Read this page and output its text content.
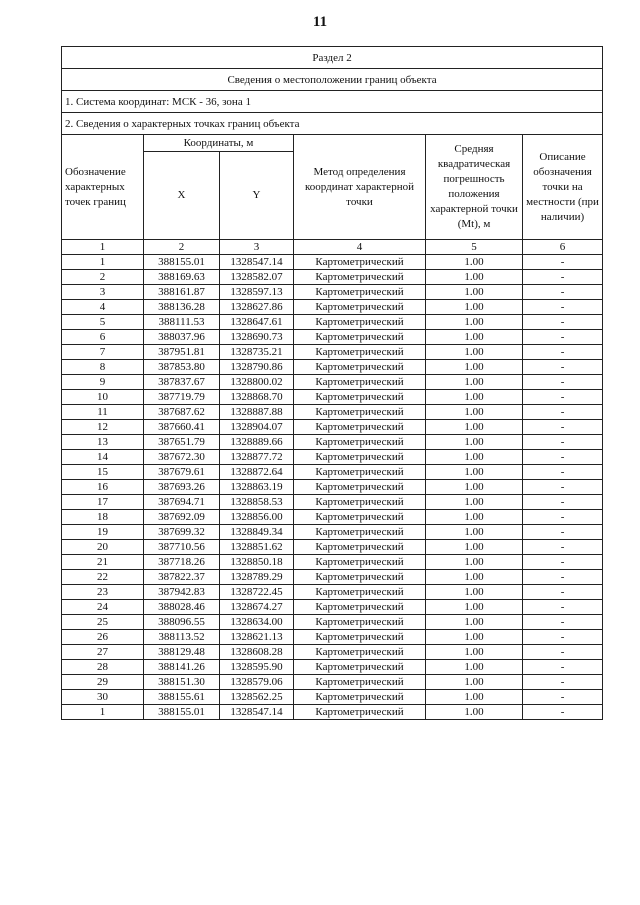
11
Раздел 2					
Сведения о местоположении границ объекта					
1. Система координат: МСК - 36, зона 1					
2. Сведения о характерных точках границ объекта					
Обозначение характерных точек границ	Координаты, м		Метод определения координат характерной точки	Средняя квадратическая погрешность положения характерной точки (Mt), м	Описание обозначения точки на местности (при наличии)
	X	Y			
1	2	3	4	5	6
1	388155.01	1328547.14	Картометрический	1.00	-
2	388169.63	1328582.07	Картометрический	1.00	-
3	388161.87	1328597.13	Картометрический	1.00	-
4	388136.28	1328627.86	Картометрический	1.00	-
5	388111.53	1328647.61	Картометрический	1.00	-
6	388037.96	1328690.73	Картометрический	1.00	-
7	387951.81	1328735.21	Картометрический	1.00	-
8	387853.80	1328790.86	Картометрический	1.00	-
9	387837.67	1328800.02	Картометрический	1.00	-
10	387719.79	1328868.70	Картометрический	1.00	-
11	387687.62	1328887.88	Картометрический	1.00	-
12	387660.41	1328904.07	Картометрический	1.00	-
13	387651.79	1328889.66	Картометрический	1.00	-
14	387672.30	1328877.72	Картометрический	1.00	-
15	387679.61	1328872.64	Картометрический	1.00	-
16	387693.26	1328863.19	Картометрический	1.00	-
17	387694.71	1328858.53	Картометрический	1.00	-
18	387692.09	1328856.00	Картометрический	1.00	-
19	387699.32	1328849.34	Картометрический	1.00	-
20	387710.56	1328851.62	Картометрический	1.00	-
21	387718.26	1328850.18	Картометрический	1.00	-
22	387822.37	1328789.29	Картометрический	1.00	-
23	387942.83	1328722.45	Картометрический	1.00	-
24	388028.46	1328674.27	Картометрический	1.00	-
25	388096.55	1328634.00	Картометрический	1.00	-
26	388113.52	1328621.13	Картометрический	1.00	-
27	388129.48	1328608.28	Картометрический	1.00	-
28	388141.26	1328595.90	Картометрический	1.00	-
29	388151.30	1328579.06	Картометрический	1.00	-
30	388155.61	1328562.25	Картометрический	1.00	-
1	388155.01	1328547.14	Картометрический	1.00	-
